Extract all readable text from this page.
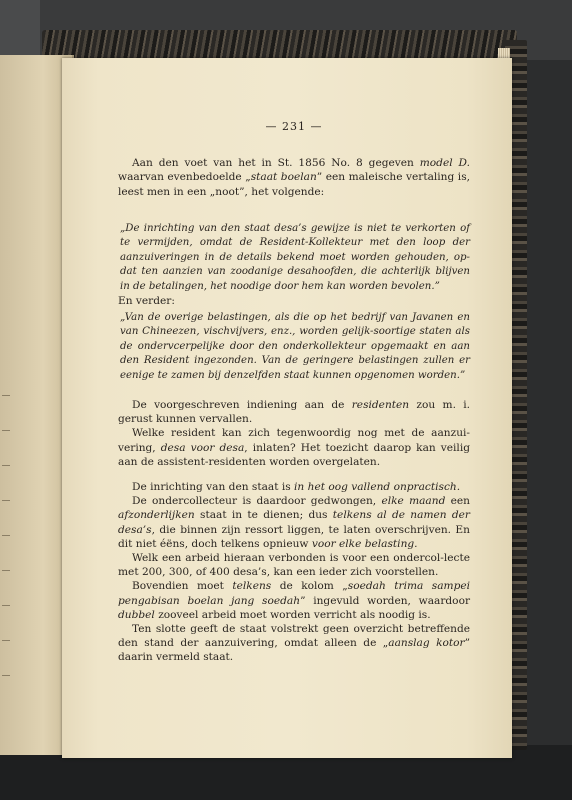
— 231 —

Aan den voet van het in St. 1856 No. 8 gegeven model D. waarvan evenbedoelde „staat boelan” een maleische vertaling is, leest men in een „noot”, het volgende:

„De inrichting van den staat desa’s gewijze is niet te verkorten of te vermijden, omdat de Resident-Kollekteur met den loop der aanzuiveringen in de details bekend moet worden gehouden, op-dat ten aanzien van zoodanige desahoofden, die achterlijk blijven in de betalingen, het noodige door hem kan worden bevolen.”

En verder:

„Van de overige belastingen, als die op het bedrijf van Javanen en van Chineezen, vischvijvers, enz., worden gelijk-soortige staten als de ondervcerpelijke door den onderkollekteur opgemaakt en aan den Resident ingezonden. Van de geringere belastingen zullen er eenige te zamen bij denzelfden staat kunnen opgenomen worden.”

De voorgeschreven indiening aan de residenten zou m. i. gerust kunnen vervallen.

Welke resident kan zich tegenwoordig nog met de aanzui-vering, desa voor desa, inlaten? Het toezicht daarop kan veilig aan de assistent-residenten worden overgelaten.

De inrichting van den staat is in het oog vallend onpractisch.

De ondercollecteur is daardoor gedwongen, elke maand een afzonderlijken staat in te dienen; dus telkens al de namen der desa’s, die binnen zijn ressort liggen, te laten overschrijven. En dit niet éëns, doch telkens opnieuw voor elke belasting.

Welk een arbeid hieraan verbonden is voor een ondercol-lecte met 200, 300, of 400 desa’s, kan een ieder zich voorstellen.

Bovendien moet telkens de kolom „soedah trima sampei pengabisan boelan jang soedah” ingevuld worden, waardoor dubbel zooveel arbeid moet worden verricht als noodig is.

Ten slotte geeft de staat volstrekt geen overzicht betreffende den stand der aanzuivering, omdat alleen de „aanslag kotor” daarin vermeld staat.
